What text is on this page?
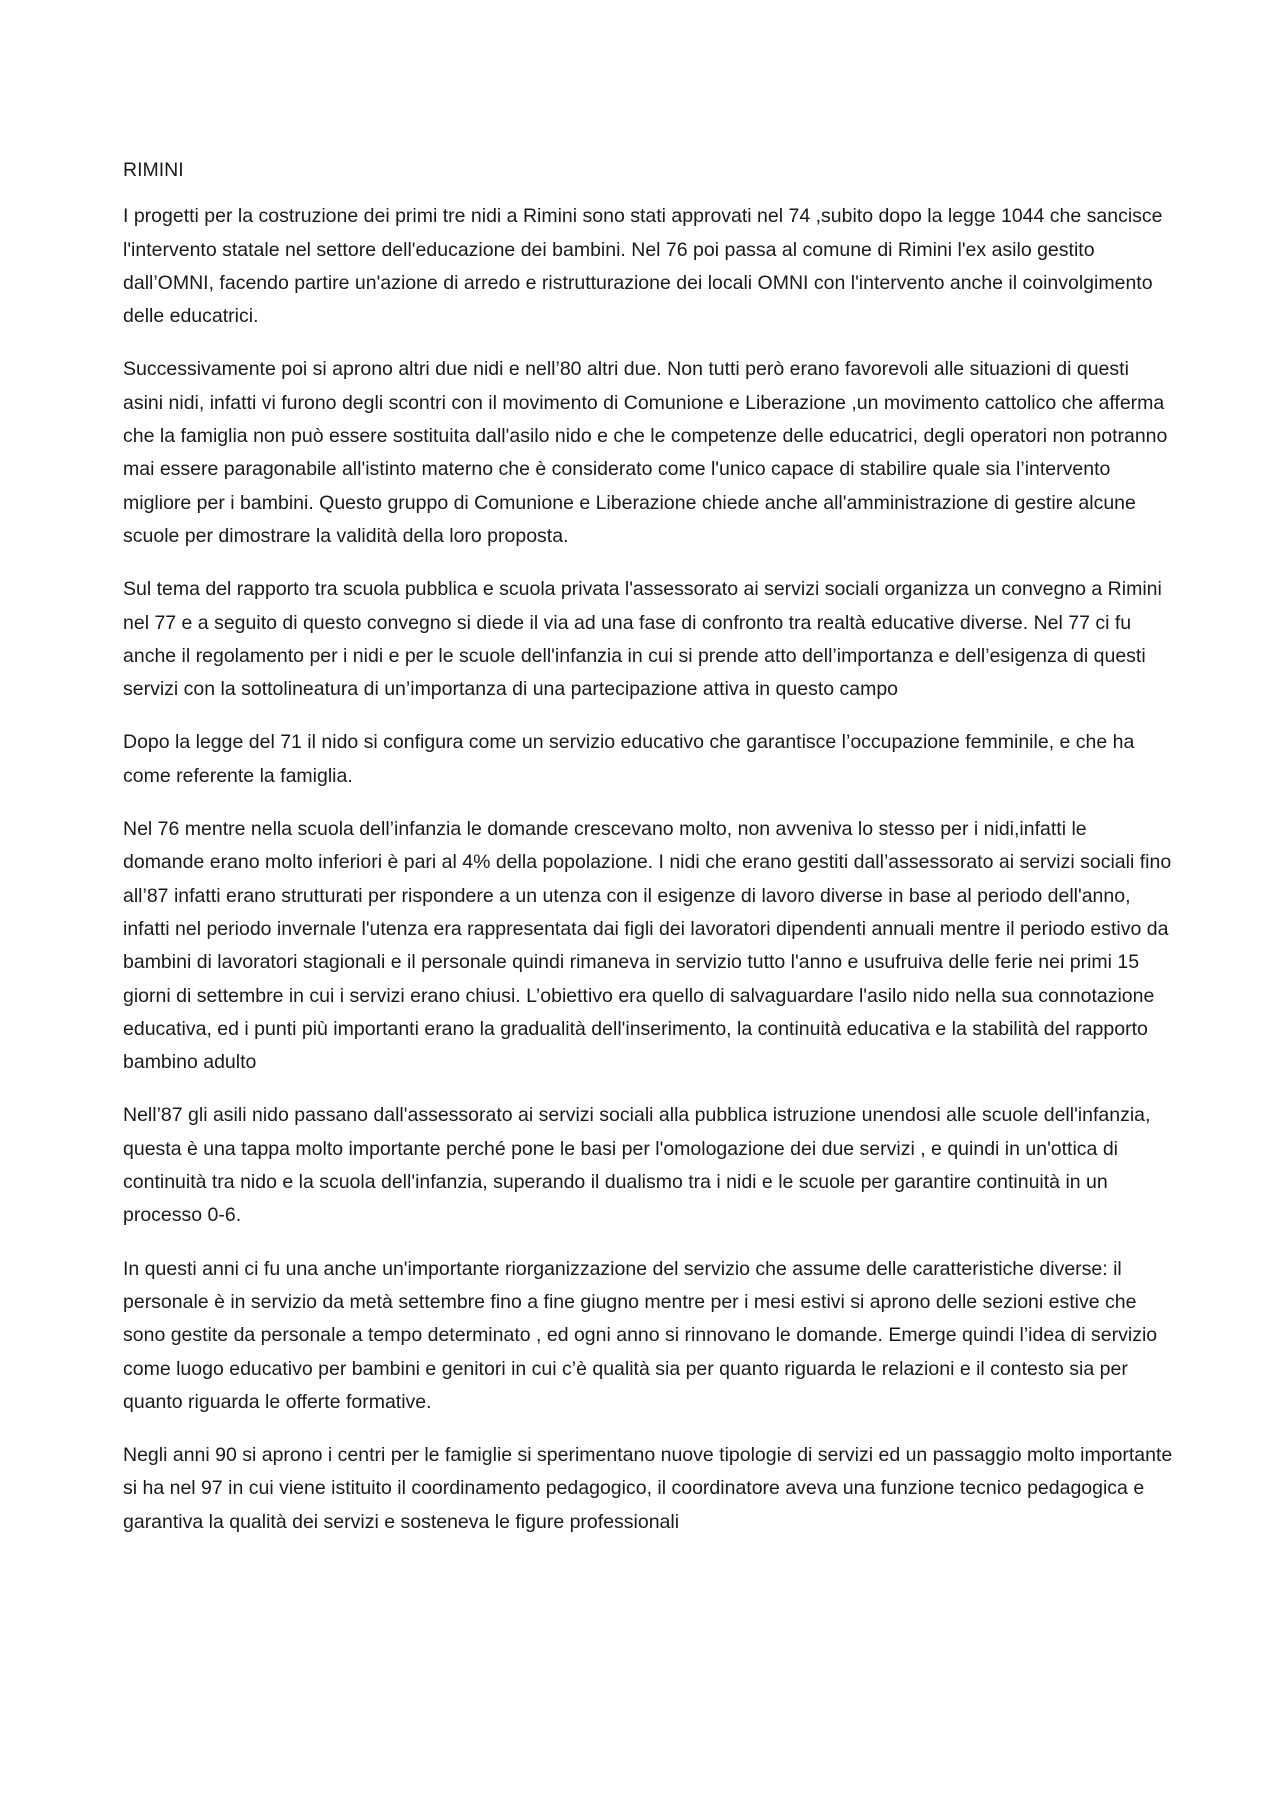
RIMINI

I progetti per la costruzione dei primi tre nidi a Rimini sono stati approvati nel 74 ,subito dopo la legge 1044 che sancisce l'intervento statale nel settore dell'educazione dei bambini. Nel 76 poi passa al comune di Rimini l'ex asilo gestito dall’OMNI, facendo partire un'azione di arredo e ristrutturazione dei locali OMNI con l'intervento anche il coinvolgimento delle educatrici.

Successivamente poi si aprono altri due nidi e nell’80 altri due. Non tutti però erano favorevoli alle situazioni di questi asini nidi, infatti vi furono degli scontri con il movimento di Comunione e Liberazione ,un movimento cattolico che afferma che la famiglia non può essere sostituita dall'asilo nido e che le competenze delle educatrici, degli operatori non potranno mai essere paragonabile all'istinto materno che è considerato come l'unico capace di stabilire quale sia l’intervento migliore per i bambini. Questo gruppo di Comunione e Liberazione chiede anche all'amministrazione di gestire alcune scuole per dimostrare la validità della loro proposta.

Sul tema del rapporto tra scuola pubblica e scuola privata l'assessorato ai servizi sociali organizza un convegno a Rimini nel 77 e a seguito di questo convegno si diede il via ad una fase di confronto tra realtà educative diverse. Nel 77 ci fu anche il regolamento per i nidi e per le scuole dell'infanzia in cui si prende atto dell’importanza e dell’esigenza di questi servizi con la sottolineatura di un’importanza di una partecipazione attiva in questo campo

Dopo la legge del 71 il nido si configura come un servizio educativo che garantisce l’occupazione femminile, e che ha come referente la famiglia.

Nel 76 mentre nella scuola dell’infanzia le domande crescevano molto, non avveniva lo stesso per i nidi,infatti le domande erano molto inferiori è pari al 4% della popolazione. I nidi che erano gestiti dall’assessorato ai servizi sociali fino all’87 infatti erano strutturati per rispondere a un utenza con il esigenze di lavoro diverse in base al periodo dell'anno, infatti nel periodo invernale l'utenza era rappresentata dai figli dei lavoratori dipendenti annuali mentre il periodo estivo da bambini di lavoratori stagionali e il personale quindi rimaneva in servizio tutto l'anno e usufruiva delle ferie nei primi 15 giorni di settembre in cui i servizi erano chiusi. L’obiettivo era quello di salvaguardare l'asilo nido nella sua connotazione educativa, ed i punti più importanti erano la gradualità dell'inserimento, la continuità educativa e la stabilità del rapporto bambino adulto

Nell’87 gli asili nido passano dall'assessorato ai servizi sociali alla pubblica istruzione unendosi alle scuole dell'infanzia, questa è una tappa molto importante perché pone le basi per l'omologazione dei due servizi , e quindi in un'ottica di continuità tra nido e la scuola dell'infanzia, superando il dualismo tra i nidi e le scuole per garantire continuità in un processo 0-6.

In questi anni ci fu una anche un'importante riorganizzazione del servizio che assume delle caratteristiche diverse: il personale è in servizio da metà settembre fino a fine giugno mentre per i mesi estivi si aprono delle sezioni estive che sono gestite da personale a tempo determinato , ed ogni anno si rinnovano le domande. Emerge quindi l’idea di servizio come luogo educativo per bambini e genitori in cui c’è qualità sia per quanto riguarda le relazioni e il contesto sia per quanto riguarda le offerte formative.

Negli anni 90 si aprono i centri per le famiglie si sperimentano nuove tipologie di servizi ed un passaggio molto importante si ha nel 97 in cui viene istituito il coordinamento pedagogico, il coordinatore aveva una funzione tecnico pedagogica e garantiva la qualità dei servizi e sosteneva le figure professionali
